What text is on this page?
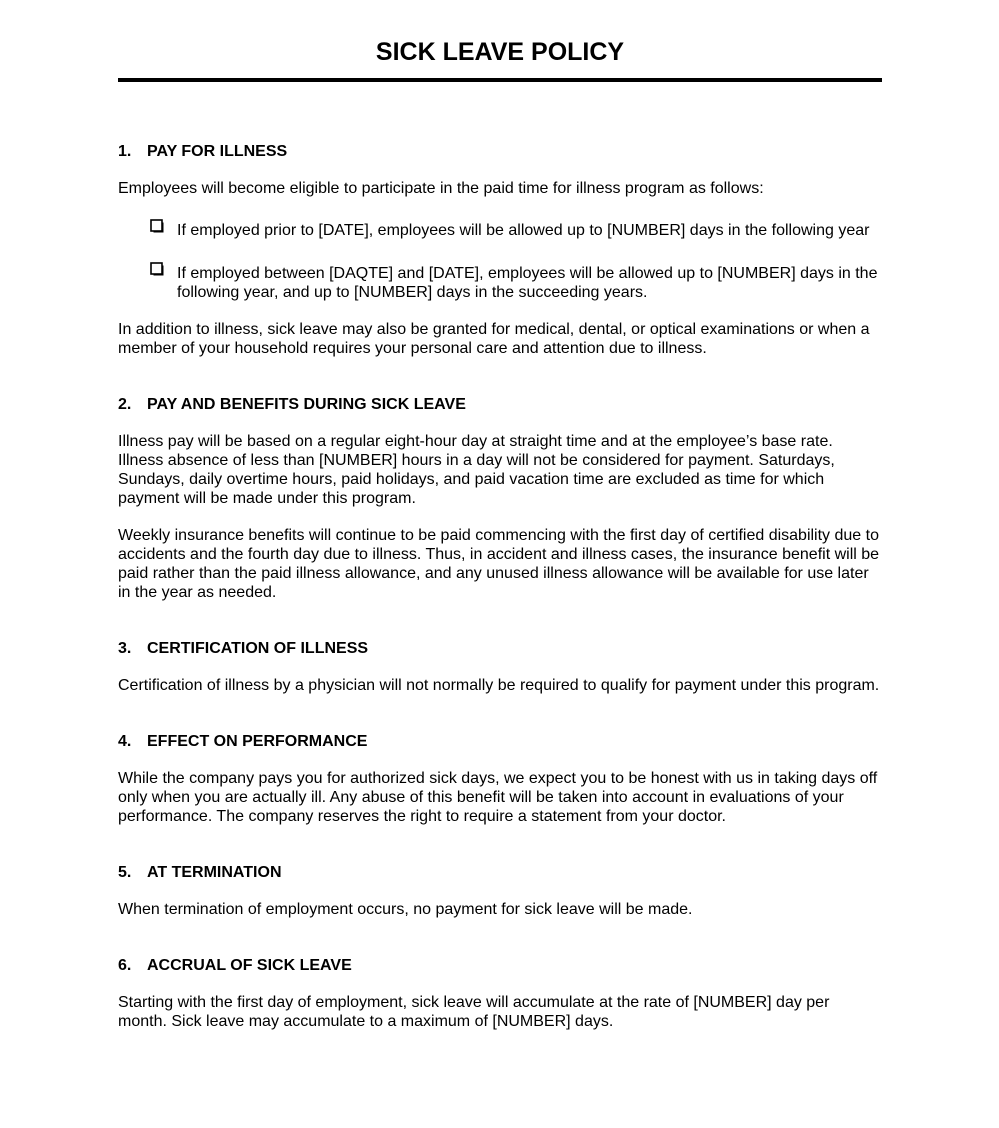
SICK LEAVE POLICY
1. PAY FOR ILLNESS

Employees will become eligible to participate in the paid time for illness program as follows:

If employed prior to [DATE], employees will be allowed up to [NUMBER] days in the following year
If employed between [DAQTE] and [DATE], employees will be allowed up to [NUMBER] days in the following year, and up to [NUMBER] days in the succeeding years.

In addition to illness, sick leave may also be granted for medical, dental, or optical examinations or when a member of your household requires your personal care and attention due to illness.

2. PAY AND BENEFITS DURING SICK LEAVE

Illness pay will be based on a regular eight-hour day at straight time and at the employee’s base rate. Illness absence of less than [NUMBER] hours in a day will not be considered for payment. Saturdays, Sundays, daily overtime hours, paid holidays, and paid vacation time are excluded as time for which payment will be made under this program.

Weekly insurance benefits will continue to be paid commencing with the first day of certified disability due to accidents and the fourth day due to illness. Thus, in accident and illness cases, the insurance benefit will be paid rather than the paid illness allowance, and any unused illness allowance will be available for use later in the year as needed.

3. CERTIFICATION OF ILLNESS

Certification of illness by a physician will not normally be required to qualify for payment under this program.

4. EFFECT ON PERFORMANCE

While the company pays you for authorized sick days, we expect you to be honest with us in taking days off only when you are actually ill. Any abuse of this benefit will be taken into account in evaluations of your performance. The company reserves the right to require a statement from your doctor.

5. AT TERMINATION

When termination of employment occurs, no payment for sick leave will be made.

6. ACCRUAL OF SICK LEAVE

Starting with the first day of employment, sick leave will accumulate at the rate of [NUMBER] day per month. Sick leave may accumulate to a maximum of [NUMBER] days.
